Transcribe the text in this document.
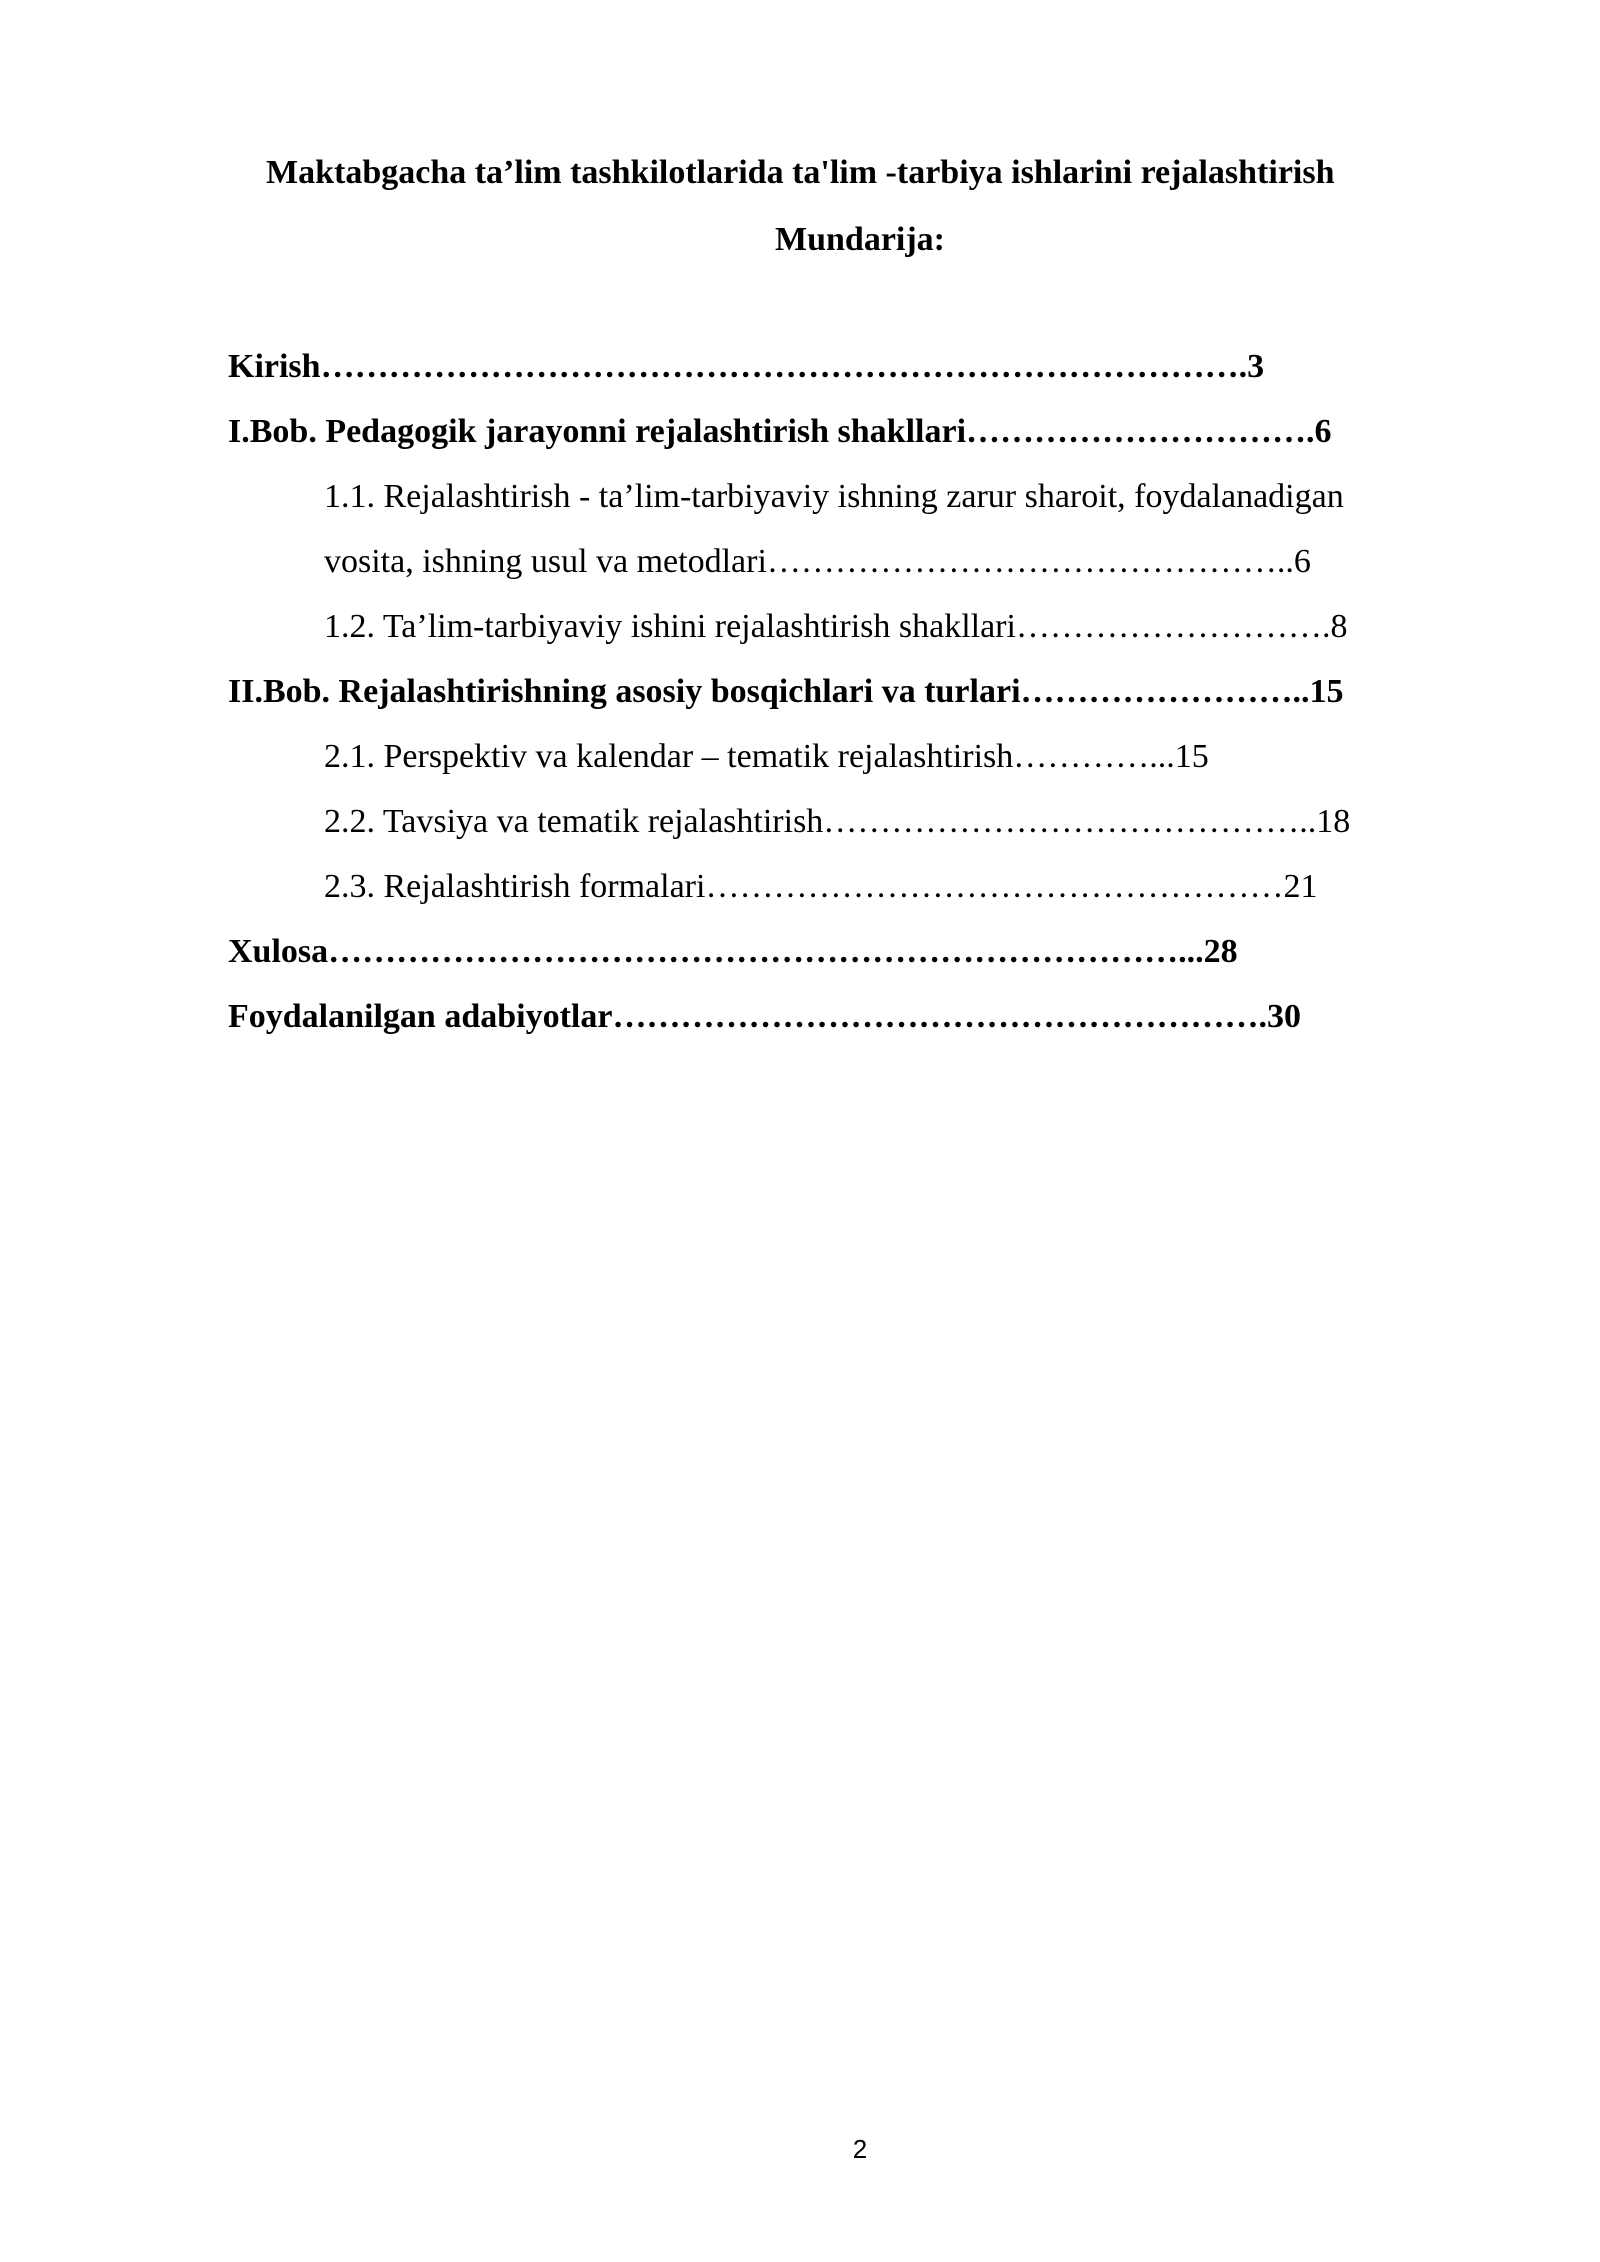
Maktabgacha ta’lim tashkilotlarida ta'lim -tarbiya ishlarini rejalashtirish
Mundarija:
Kirish……………………………………………………………………….3
I.Bob. Pedagogik jarayonni rejalashtirish shakllari………………………….6
1.1. Rejalashtirish - ta’lim-tarbiyaviy ishning zarur sharoit, foydalanadigan
vosita, ishning usul va metodlari………………………………………..6
1.2. Ta’lim-tarbiyaviy ishini rejalashtirish shakllari……………………….8
II.Bob. Rejalashtirishning asosiy bosqichlari va turlari……………………..15
2.1. Perspektiv va kalendar – tematik rejalashtirish…………...15
2.2. Tavsiya va tematik rejalashtirish……………………………………..18
2.3. Rejalashtirish formalari……………………………………………21
Xulosa…………………………………………………………………...28
Foydalanilgan adabiyotlar………………………………………………….30
2
